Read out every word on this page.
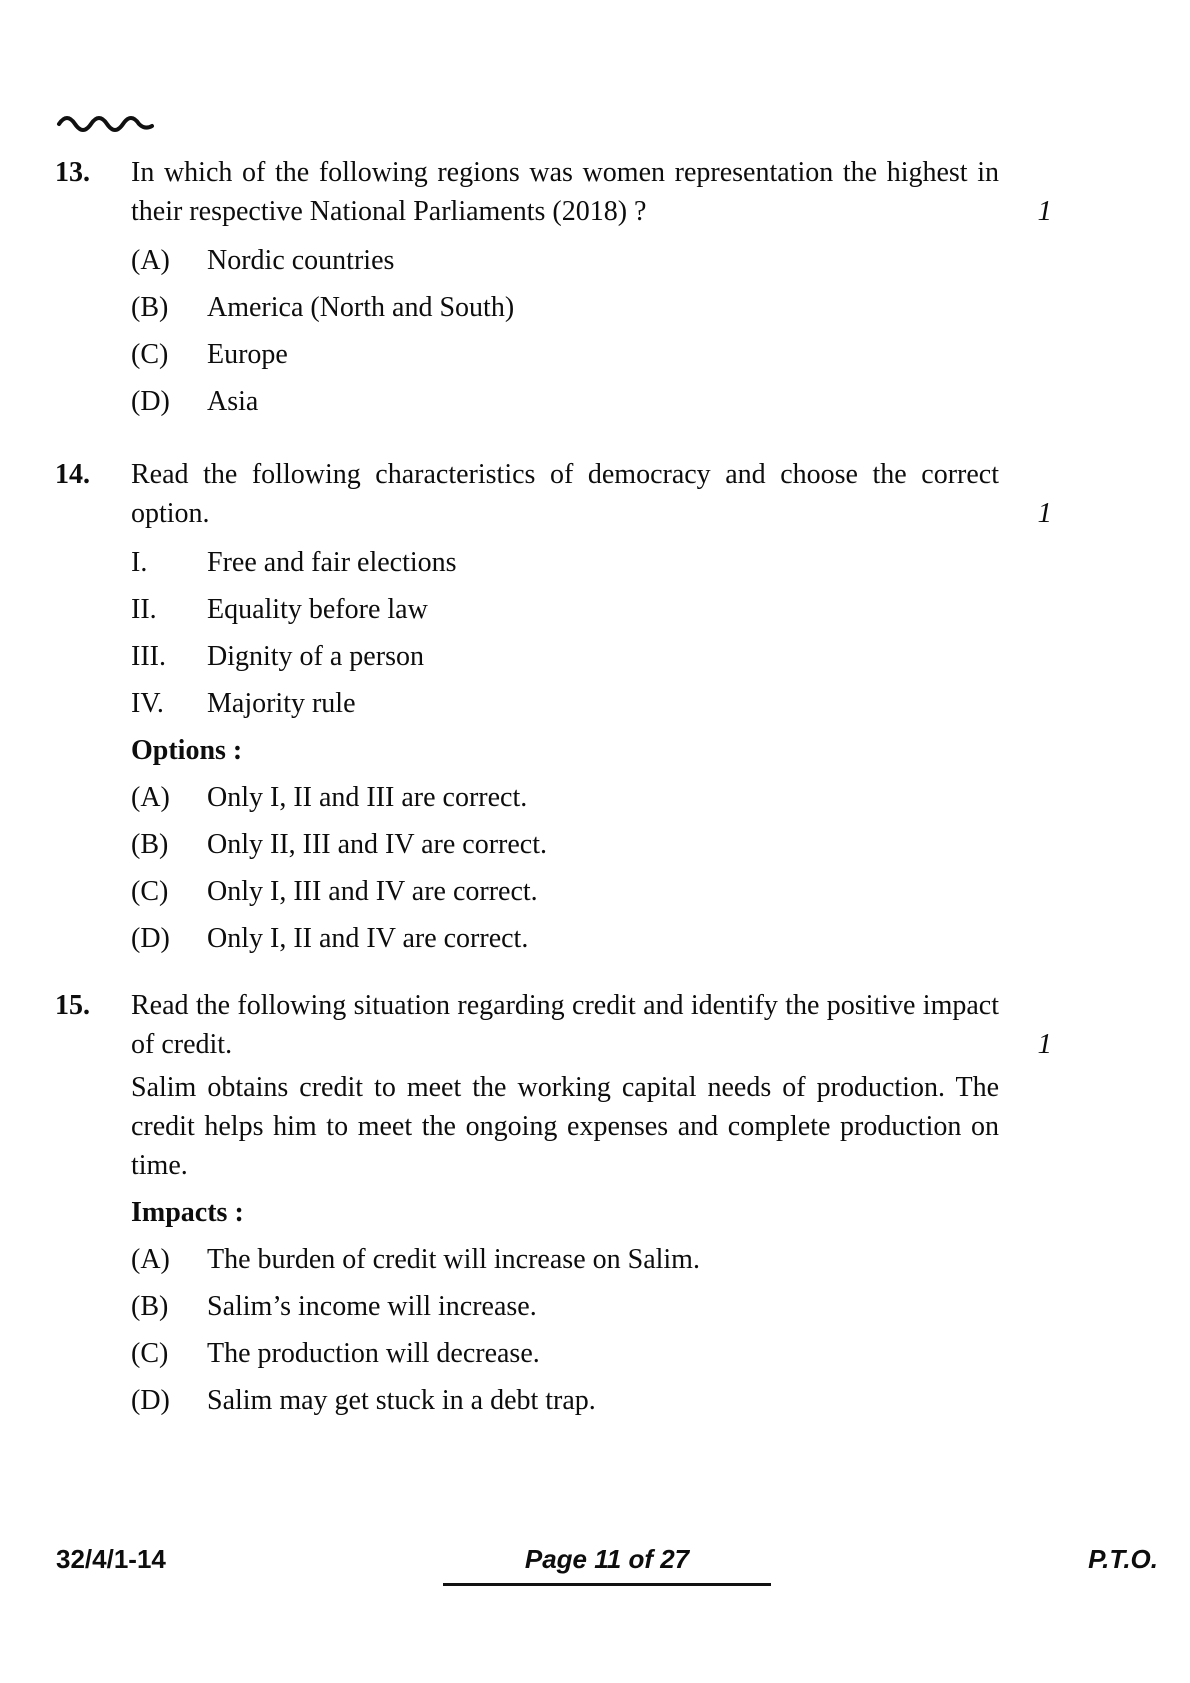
13.	In which of the following regions was women representation the highest in their respective National Parliaments (2018) ?

(A)	Nordic countries
(B)	America (North and South)
(C)	Europe
(D)	Asia
1
14.	Read the following characteristics of democracy and choose the correct option.

I.	Free and fair elections
II.	Equality before law
III.	Dignity of a person
IV.	Majority rule
Options :
(A)	Only I, II and III are correct.
(B)	Only II, III and IV are correct.
(C)	Only I, III and IV are correct.
(D)	Only I, II and IV are correct.
1
15.	Read the following situation regarding credit and identify the positive impact of credit.

Salim obtains credit to meet the working capital needs of production. The credit helps him to meet the ongoing expenses and complete production on time.

Impacts :
(A)	The burden of credit will increase on Salim.
(B)	Salim’s income will increase.
(C)	The production will decrease.
(D)	Salim may get stuck in a debt trap.
1
32/4/1-14	Page 11 of 27	P.T.O.
